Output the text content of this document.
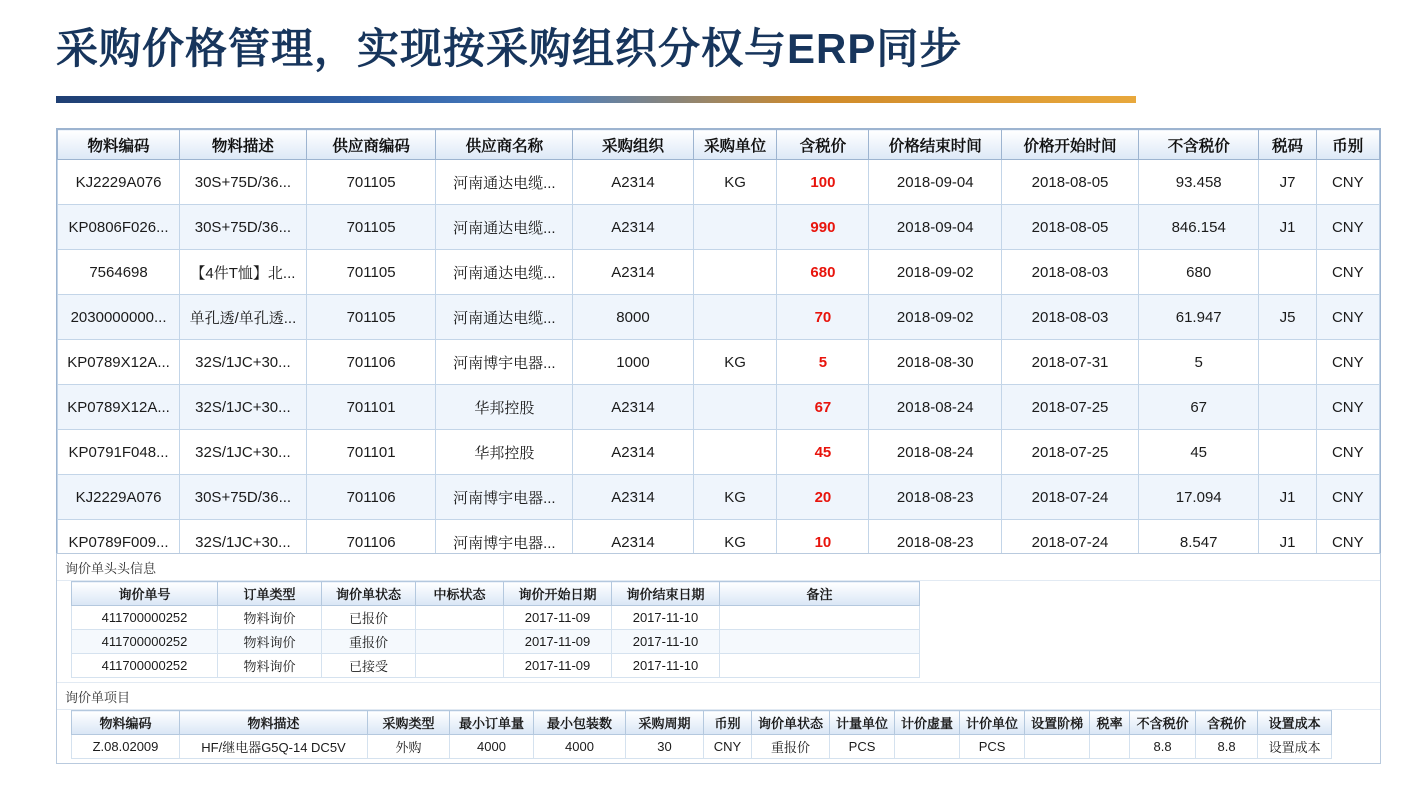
采购价格管理，实现按采购组织分权与ERP同步
物料编码	物料描述	供应商编码	供应商名称	采购组织	采购单位	含税价	价格结束时间	价格开始时间	不含税价	税码	币别
KJ2229A076	30S+75D/36...	701105	河南通达电缆...	A2314	KG	100	2018-09-04	2018-08-05	93.458	J7	CNY
KP0806F026...	30S+75D/36...	701105	河南通达电缆...	A2314		990	2018-09-04	2018-08-05	846.154	J1	CNY
7564698	【4件T恤】北...	701105	河南通达电缆...	A2314		680	2018-09-02	2018-08-03	680		CNY
2030000000...	单孔透/单孔透...	701105	河南通达电缆...	8000		70	2018-09-02	2018-08-03	61.947	J5	CNY
KP0789X12A...	32S/1JC+30...	701106	河南博宇电器...	1000	KG	5	2018-08-30	2018-07-31	5		CNY
KP0789X12A...	32S/1JC+30...	701101	华邦控股	A2314		67	2018-08-24	2018-07-25	67		CNY
KP0791F048...	32S/1JC+30...	701101	华邦控股	A2314		45	2018-08-24	2018-07-25	45		CNY
KJ2229A076	30S+75D/36...	701106	河南博宇电器...	A2314	KG	20	2018-08-23	2018-07-24	17.094	J1	CNY
KP0789F009...	32S/1JC+30...	701106	河南博宇电器...	A2314	KG	10	2018-08-23	2018-07-24	8.547	J1	CNY
询价单头头信息
询价单号	订单类型	询价单状态	中标状态	询价开始日期	询价结束日期	备注
411700000252	物料询价	已报价		2017-11-09	2017-11-10	
411700000252	物料询价	重报价		2017-11-09	2017-11-10	
411700000252	物料询价	已接受		2017-11-09	2017-11-10	
询价单项目
物料编码	物料描述	采购类型	最小订单量	最小包装数	采购周期	币别	询价单状态	计量单位	计价虚量	计价单位	设置阶梯	税率	不含税价	含税价	设置成本
Z.08.02009	HF/继电器G5Q-14 DC5V	外购	4000	4000	30	CNY	重报价	PCS		PCS			8.8	8.8	设置成本
